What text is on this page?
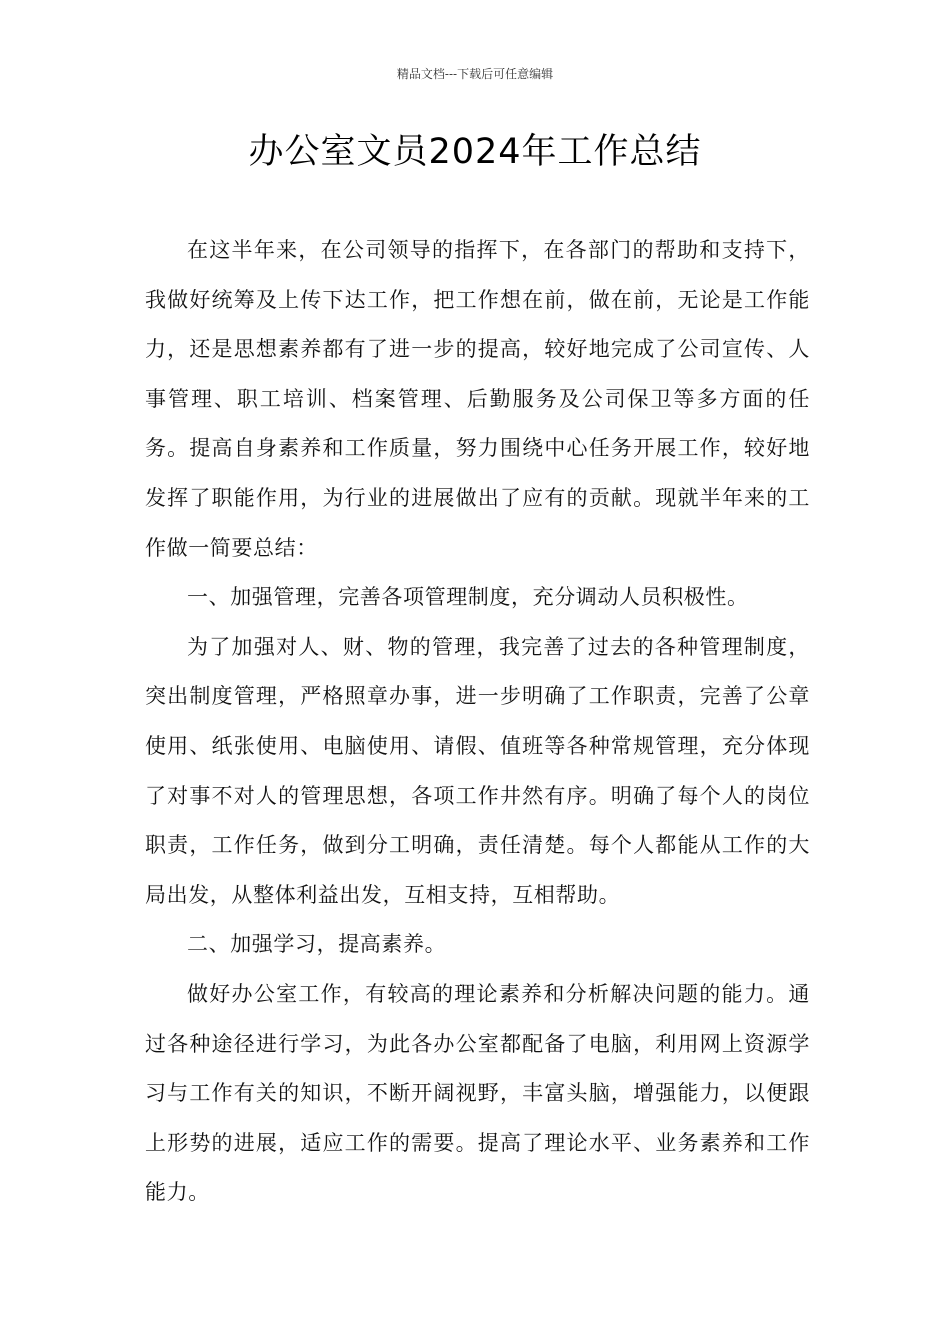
精品文档---下载后可任意编辑
办公室文员2024年工作总结

在这半年来，在公司领导的指挥下，在各部门的帮助和支持下，我做好统筹及上传下达工作，把工作想在前，做在前，无论是工作能力，还是思想素养都有了进一步的提高，较好地完成了公司宣传、人事管理、职工培训、档案管理、后勤服务及公司保卫等多方面的任务。提高自身素养和工作质量，努力围绕中心任务开展工作，较好地发挥了职能作用，为行业的进展做出了应有的贡献。现就半年来的工作做一简要总结：

一、加强管理，完善各项管理制度，充分调动人员积极性。

为了加强对人、财、物的管理，我完善了过去的各种管理制度，突出制度管理，严格照章办事，进一步明确了工作职责，完善了公章使用、纸张使用、电脑使用、请假、值班等各种常规管理，充分体现了对事不对人的管理思想，各项工作井然有序。明确了每个人的岗位职责，工作任务，做到分工明确，责任清楚。每个人都能从工作的大局出发，从整体利益出发，互相支持，互相帮助。

二、加强学习，提高素养。

做好办公室工作，有较高的理论素养和分析解决问题的能力。通过各种途径进行学习，为此各办公室都配备了电脑，利用网上资源学习与工作有关的知识，不断开阔视野，丰富头脑，增强能力，以便跟上形势的进展，适应工作的需要。提高了理论水平、业务素养和工作能力。
